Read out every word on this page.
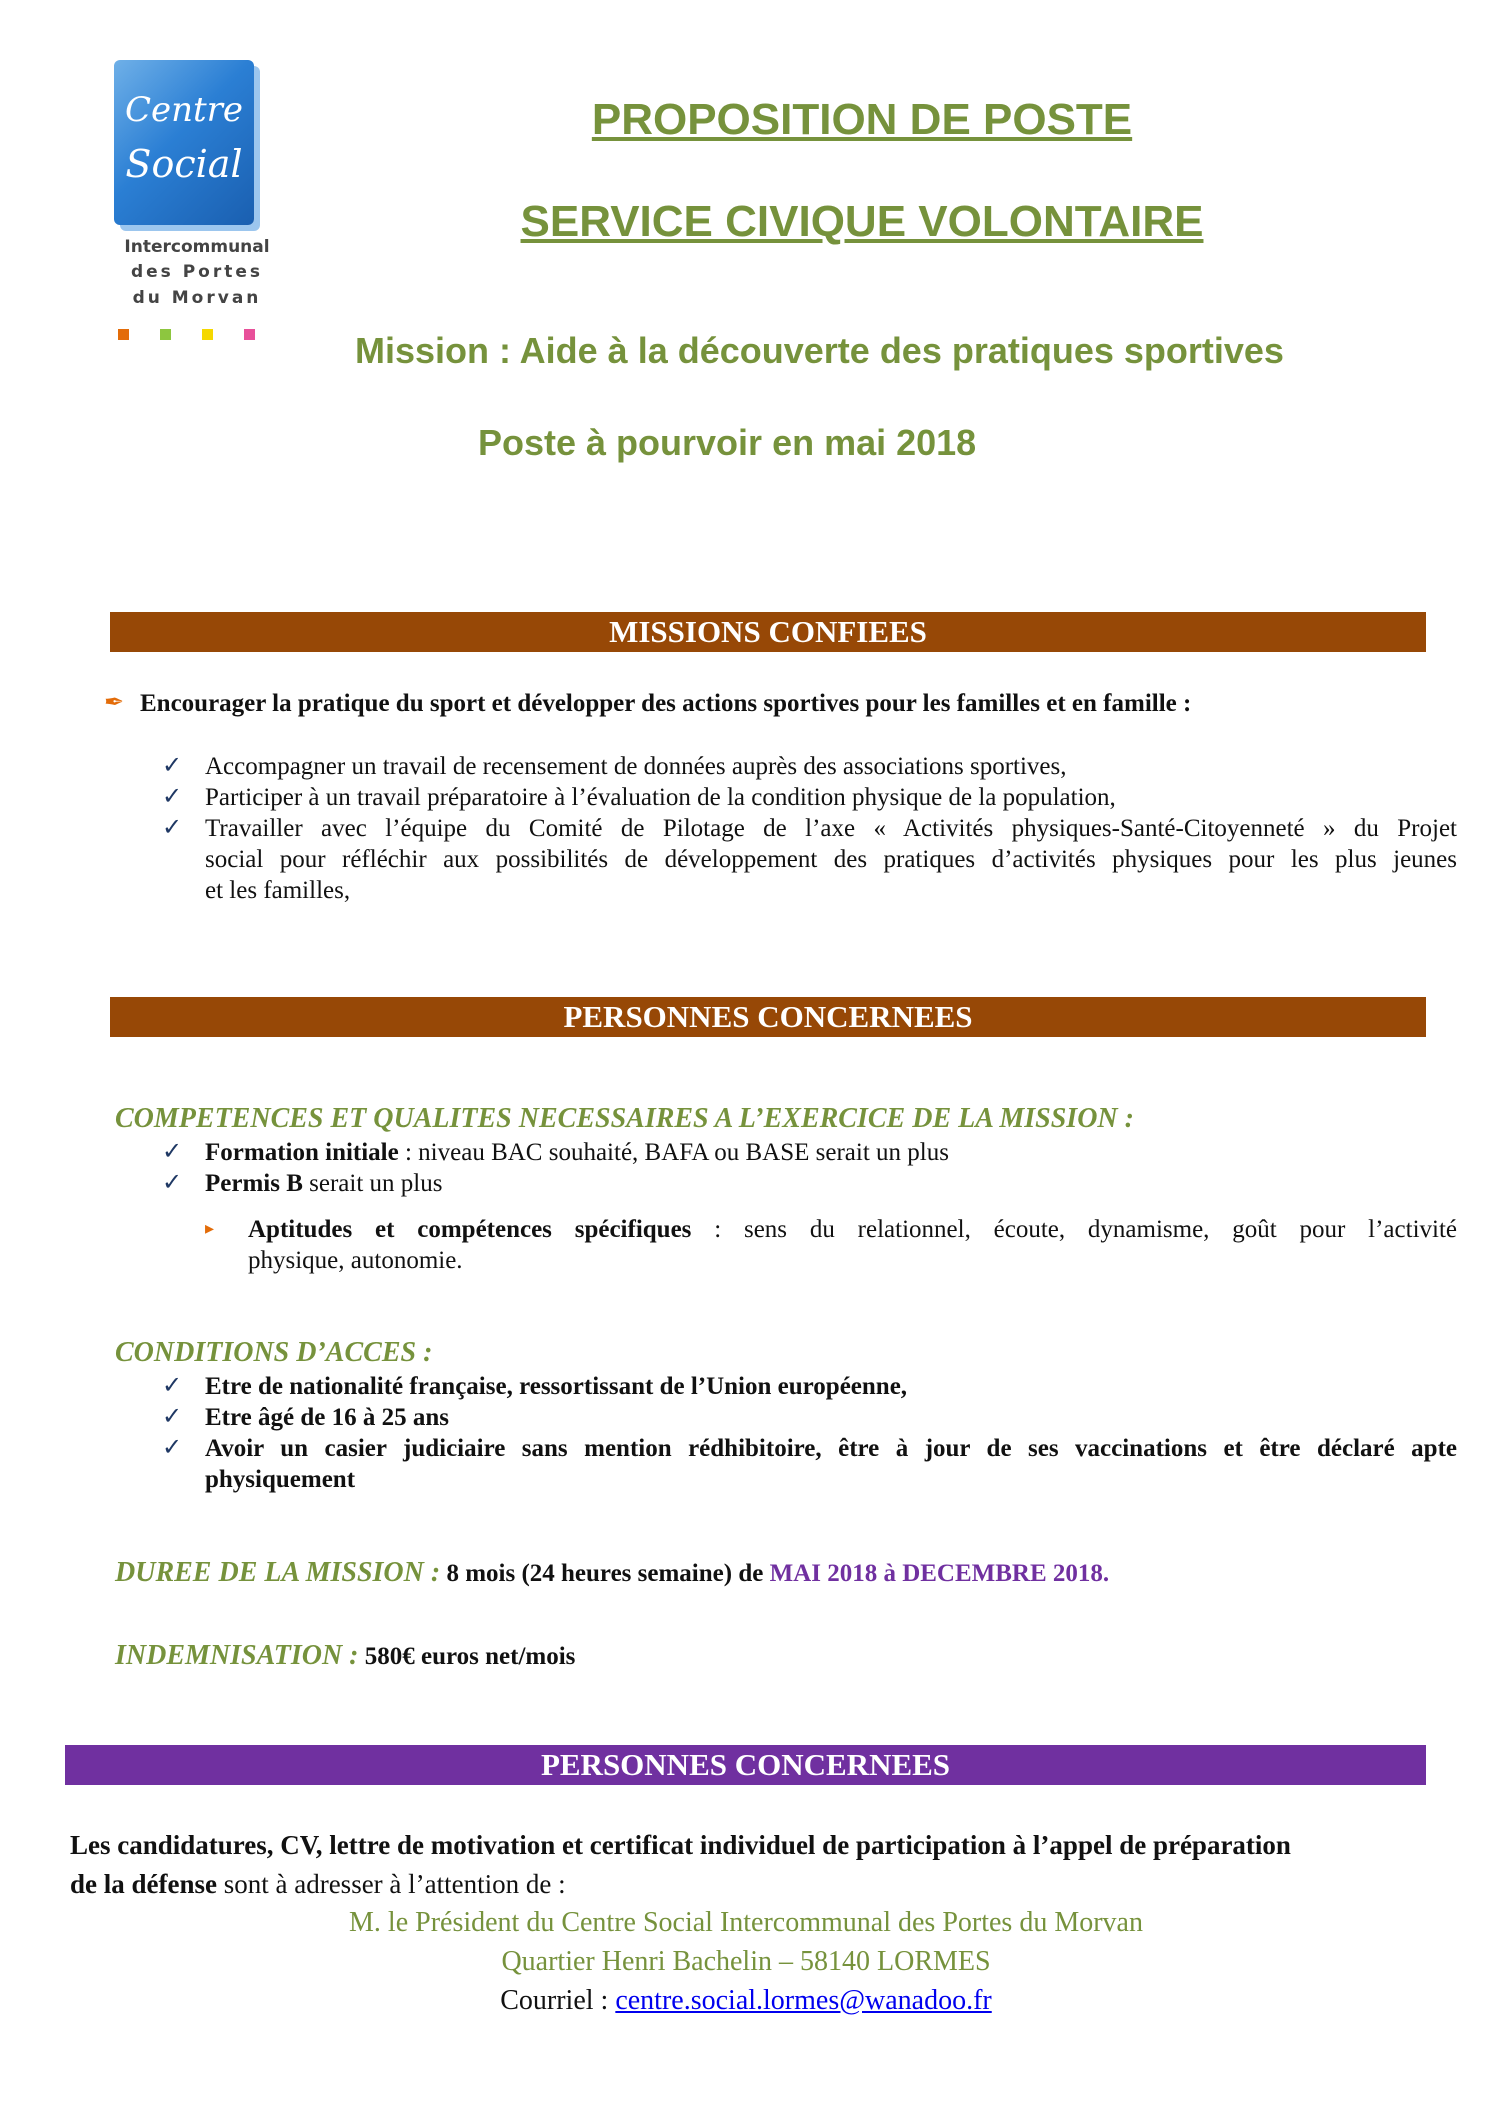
Centre
Social
Intercommunal
des Portes
du Morvan
PROPOSITION DE POSTE
SERVICE CIVIQUE VOLONTAIRE
Mission : Aide à la découverte des pratiques sportives
Poste à pourvoir en mai 2018
MISSIONS CONFIEES
✒ Encourager la pratique du sport et développer des actions sportives pour les familles et en famille :
✓ Accompagner un travail de recensement de données auprès des associations sportives,
✓ Participer à un travail préparatoire à l’évaluation de la condition physique de la population,
✓ Travailler avec l’équipe du Comité de Pilotage de l’axe « Activités physiques-Santé-Citoyenneté » du Projet
social pour réfléchir aux possibilités de développement des pratiques d’activités physiques pour les plus jeunes
et les familles,
PERSONNES CONCERNEES
COMPETENCES ET QUALITES NECESSAIRES A L’EXERCICE DE LA MISSION :
✓ Formation initiale : niveau BAC souhaité, BAFA ou BASE serait un plus
✓ Permis B serait un plus
▸ Aptitudes et compétences spécifiques : sens du relationnel, écoute, dynamisme, goût pour l’activité
physique, autonomie.
CONDITIONS D’ACCES :
✓ Etre de nationalité française, ressortissant de l’Union européenne,
✓ Etre âgé de 16 à 25 ans
✓ Avoir un casier judiciaire sans mention rédhibitoire, être à jour de ses vaccinations et être déclaré apte
physiquement
DUREE DE LA MISSION : 8 mois (24 heures semaine) de MAI 2018 à DECEMBRE 2018.
INDEMNISATION : 580€ euros net/mois
PERSONNES CONCERNEES
Les candidatures, CV, lettre de motivation et certificat individuel de participation à l’appel de préparation
de la défense sont à adresser à l’attention de :
M. le Président du Centre Social Intercommunal des Portes du Morvan
Quartier Henri Bachelin – 58140 LORMES
Courriel : centre.social.lormes@wanadoo.fr
